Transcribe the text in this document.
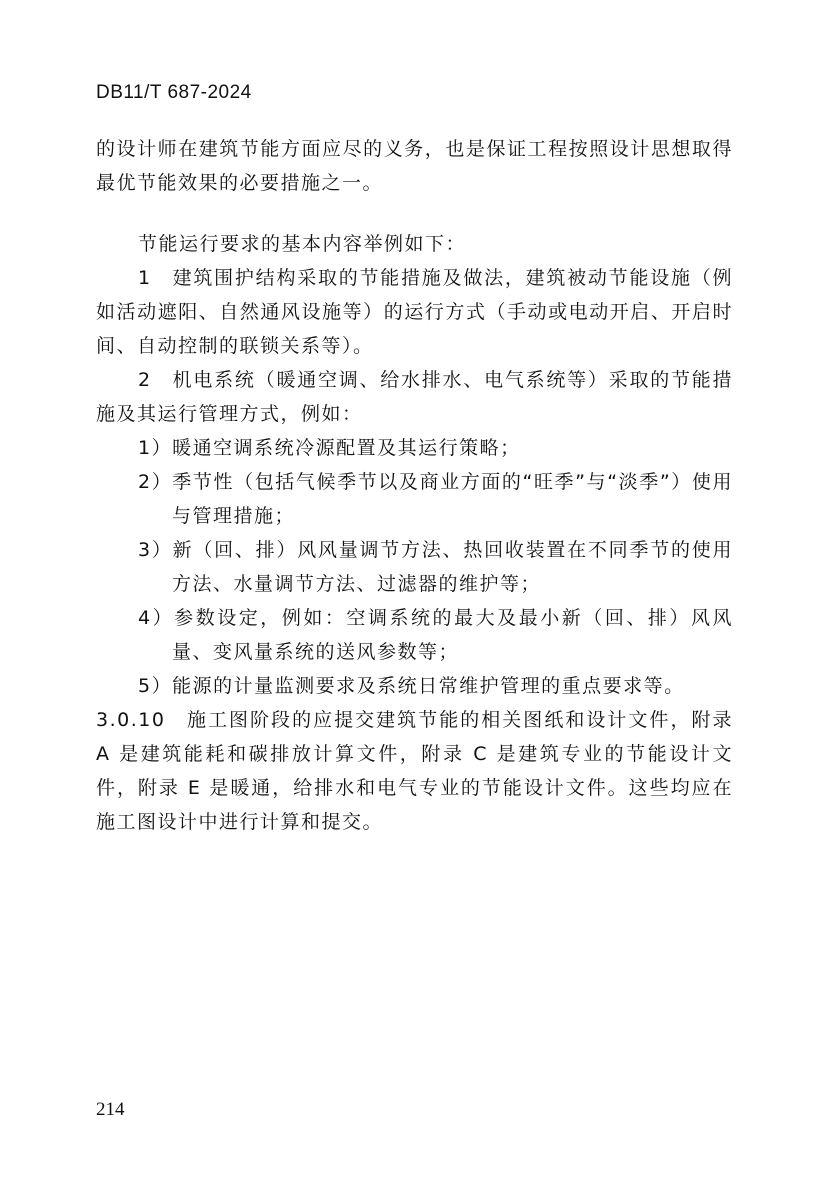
DB11/T 687-2024

的设计师在建筑节能方面应尽的义务，也是保证工程按照设计思想取得最优节能效果的必要措施之一。

节能运行要求的基本内容举例如下：

1　建筑围护结构采取的节能措施及做法，建筑被动节能设施（例如活动遮阳、自然通风设施等）的运行方式（手动或电动开启、开启时间、自动控制的联锁关系等）。

2　机电系统（暖通空调、给水排水、电气系统等）采取的节能措施及其运行管理方式，例如：

1）暖通空调系统冷源配置及其运行策略；

2）季节性（包括气候季节以及商业方面的“旺季”与“淡季”）使用与管理措施；

3）新（回、排）风风量调节方法、热回收装置在不同季节的使用方法、水量调节方法、过滤器的维护等；

4）参数设定，例如：空调系统的最大及最小新（回、排）风风量、变风量系统的送风参数等；

5）能源的计量监测要求及系统日常维护管理的重点要求等。

3.0.10　施工图阶段的应提交建筑节能的相关图纸和设计文件，附录 A 是建筑能耗和碳排放计算文件，附录 C 是建筑专业的节能设计文件，附录 E 是暖通，给排水和电气专业的节能设计文件。这些均应在施工图设计中进行计算和提交。

214
